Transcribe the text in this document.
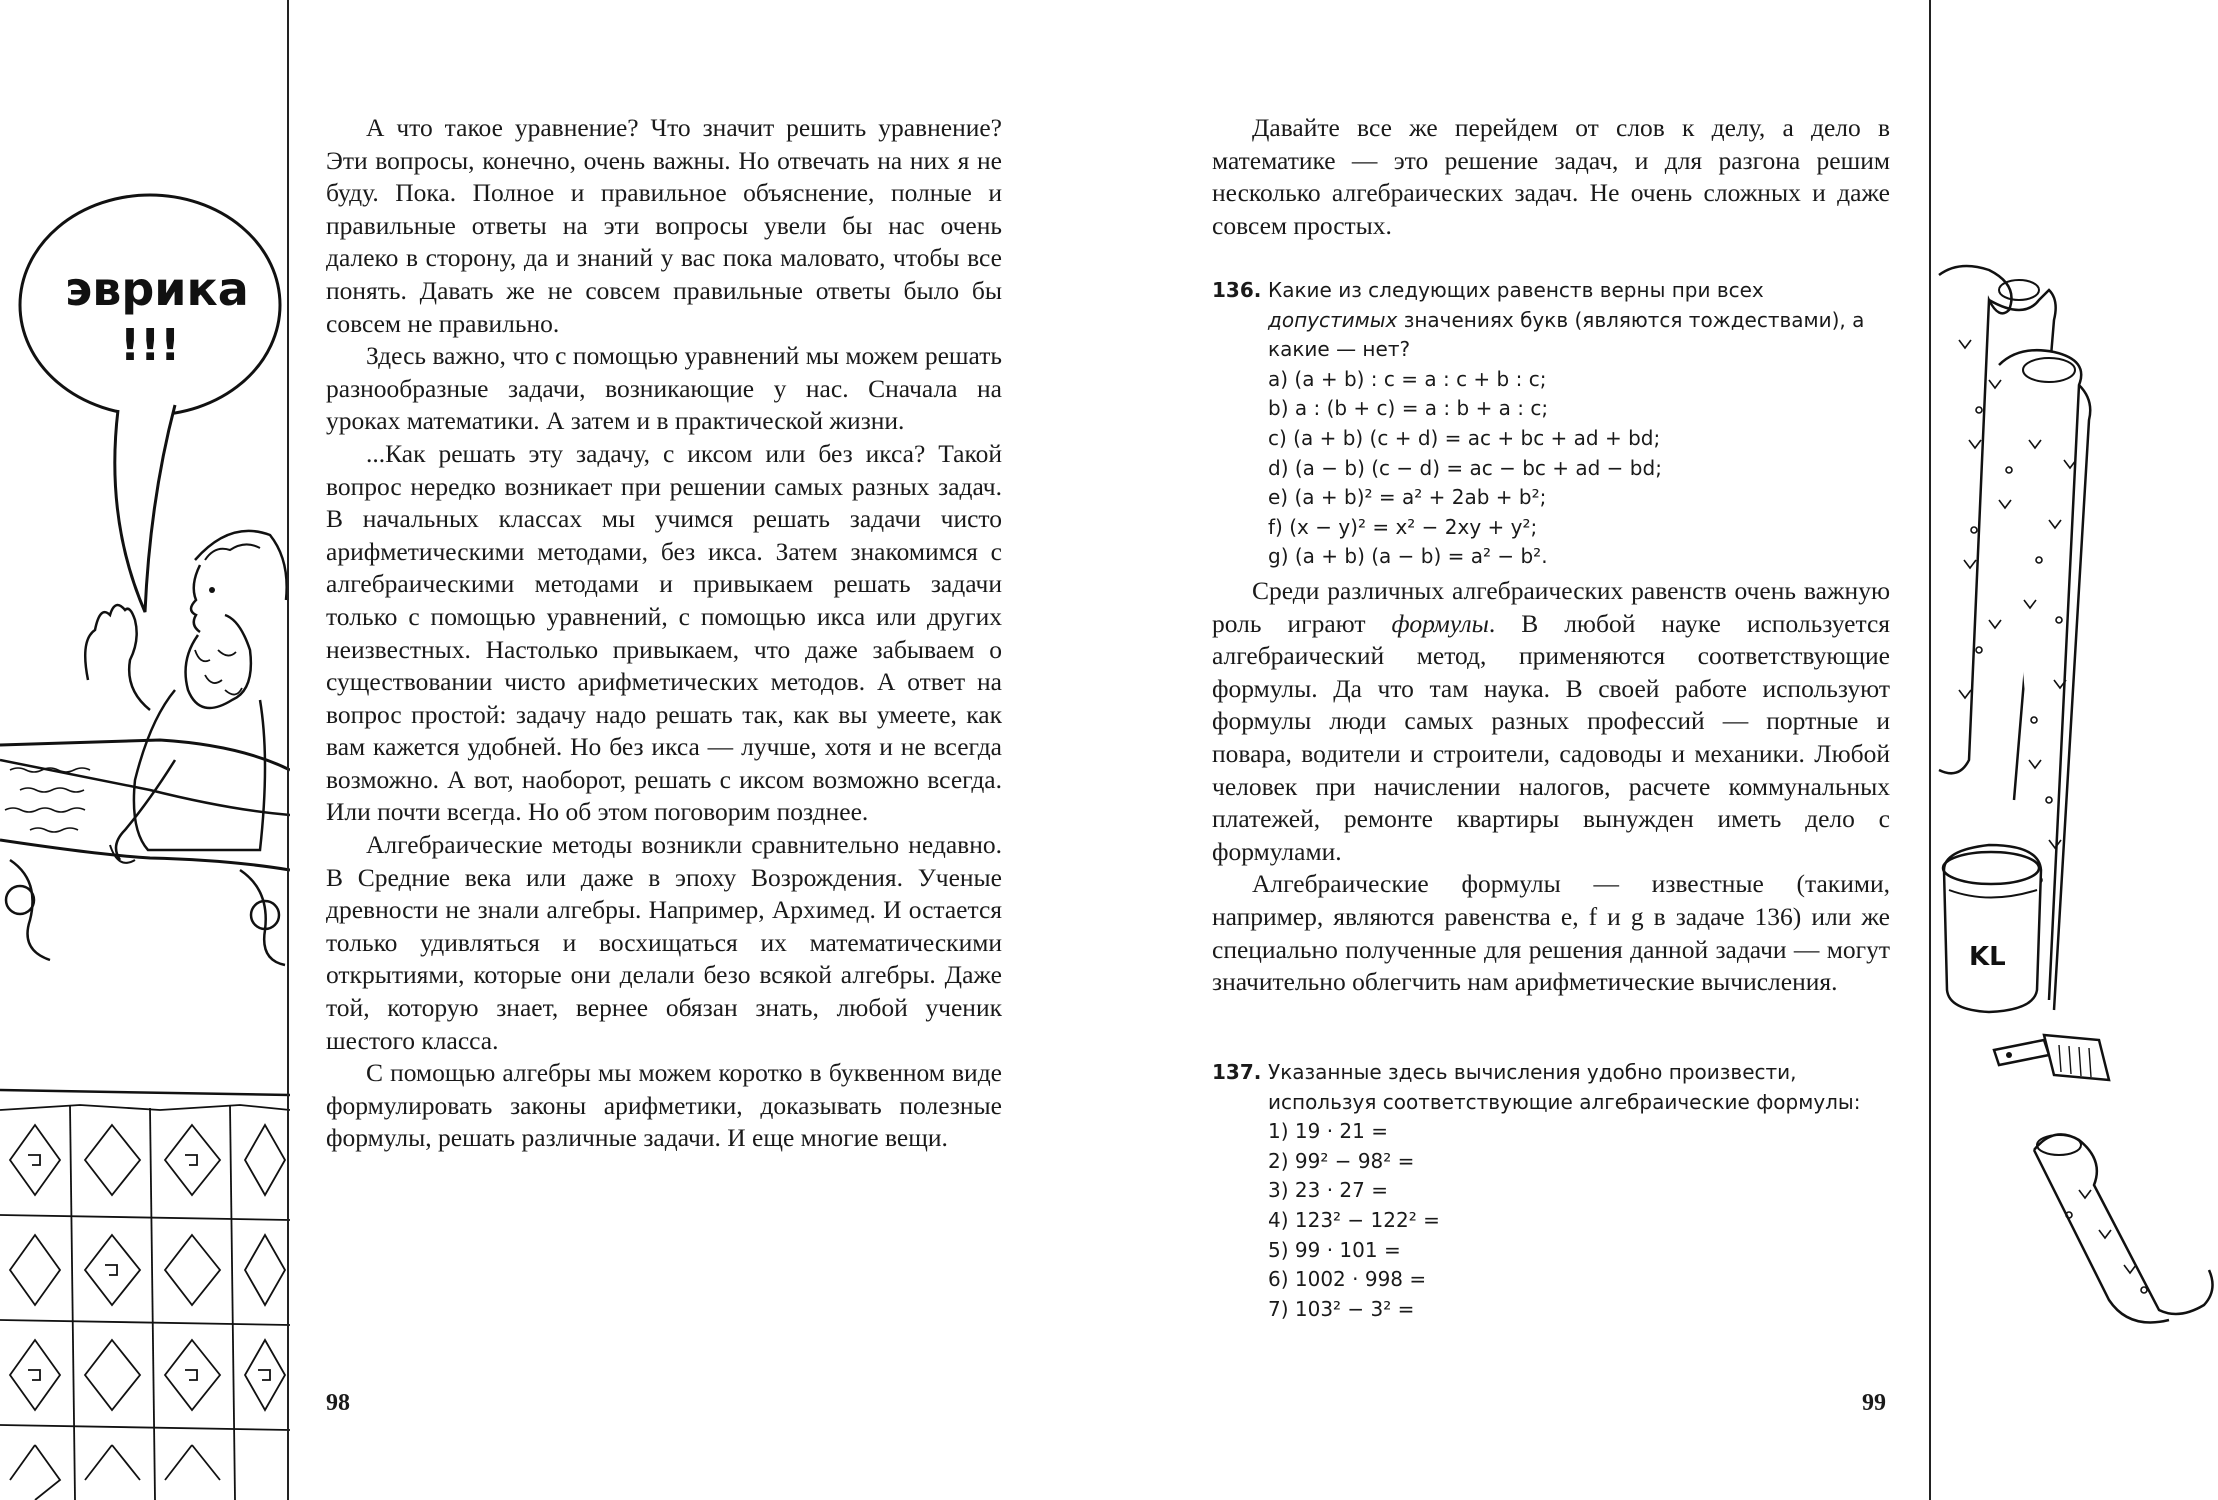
эврика
!!!

А что такое уравнение? Что значит решить уравнение? Эти вопросы, конечно, очень важны. Но отвечать на них я не буду. Пока. Полное и правильное объяснение, полные и правильные ответы на эти вопросы увели бы нас очень далеко в сторону, да и знаний у вас пока маловато, чтобы все понять. Давать же не совсем правильные ответы было бы совсем не правильно.

Здесь важно, что с помощью уравнений мы можем решать разнообразные задачи, возникающие у нас. Сначала на уроках математики. А затем и в практической жизни.

...Как решать эту задачу, с иксом или без икса? Такой вопрос нередко возникает при решении самых разных задач. В начальных классах мы учимся решать задачи чисто арифметическими методами, без икса. Затем знакомимся с алгебраическими методами и привыкаем решать задачи только с помощью уравнений, с помощью икса или других неизвестных. Настолько привыкаем, что даже забываем о существовании чисто арифметических методов. А ответ на вопрос простой: задачу надо решать так, как вы умеете, как вам кажется удобней. Но без икса — лучше, хотя и не всегда возможно. А вот, наоборот, решать с иксом возможно всегда. Или почти всегда. Но об этом поговорим позднее.

Алгебраические методы возникли сравнительно недавно. В Средние века или даже в эпоху Возрождения. Ученые древности не знали алгебры. Например, Архимед. И остается только удивляться и восхищаться их математическими открытиями, которые они делали безо всякой алгебры. Даже той, которую знает, вернее обязан знать, любой ученик шестого класса.

С помощью алгебры мы можем коротко в буквенном виде формулировать законы арифметики, доказывать полезные формулы, решать различные задачи. И еще многие вещи.

98

Давайте все же перейдем от слов к делу, а дело в математике — это решение задач, и для разгона решим несколько алгебраических задач. Не очень сложных и даже совсем простых.

136. Какие из следующих равенств верны при всех допустимых значениях букв (являются тождествами), а какие — нет?
a) (a + b) : c = a : c + b : c;
b) a : (b + c) = a : b + a : c;
c) (a + b) (c + d) = ac + bc + ad + bd;
d) (a − b) (c − d) = ac − bc + ad − bd;
e) (a + b)² = a² + 2ab + b²;
f) (x − y)² = x² − 2xy + y²;
g) (a + b) (a − b) = a² − b².

Среди различных алгебраических равенств очень важную роль играют формулы. В любой науке используется алгебраический метод, применяются соответствующие формулы. Да что там наука. В своей работе используют формулы люди самых разных профессий — портные и повара, водители и строители, садоводы и механики. Любой человек при начислении налогов, расчете коммунальных платежей, ремонте квартиры вынужден иметь дело с формулами.

Алгебраические формулы — известные (такими, например, являются равенства e, f и g в задаче 136) или же специально полученные для решения данной задачи — могут значительно облегчить нам арифметические вычисления.

137. Указанные здесь вычисления удобно произвести, используя соответствующие алгебраические формулы:
1) 19 · 21 =
2) 99² − 98² =
3) 23 · 27 =
4) 123² − 122² =
5) 99 · 101 =
6) 1002 · 998 =
7) 103² − 3² =
99
KL
